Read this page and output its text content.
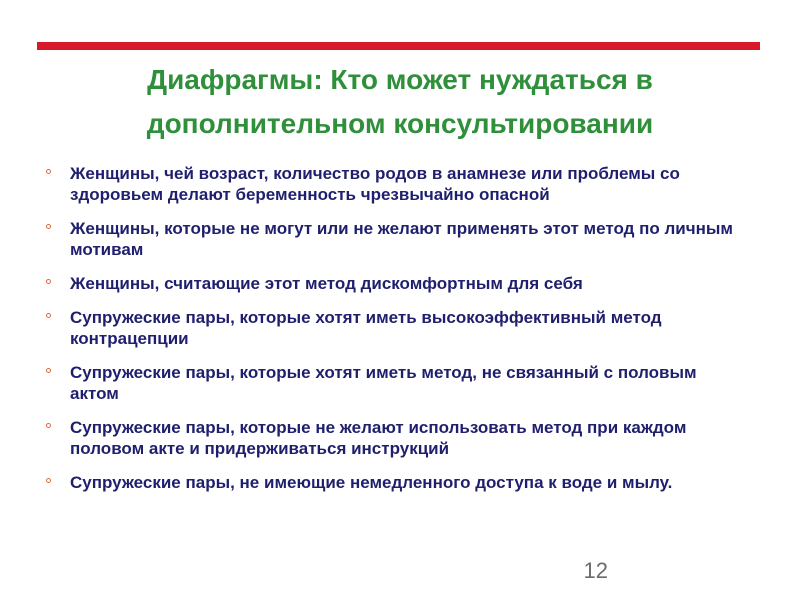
Диафрагмы: Кто может нуждаться в
дополнительном консультировании
Женщины, чей возраст, количество родов в анамнезе или проблемы со здоровьем делают беременность чрезвычайно опасной
Женщины, которые не могут или не желают применять этот метод по личным мотивам
Женщины, считающие этот метод дискомфортным для себя
Супружеские пары, которые хотят иметь высокоэффективный метод контрацепции
Супружеские пары, которые хотят иметь метод, не связанный с половым актом
Супружеские пары, которые не желают использовать метод при каждом половом акте и придерживаться инструкций
Супружеские пары, не имеющие немедленного доступа к воде и мылу.
12
